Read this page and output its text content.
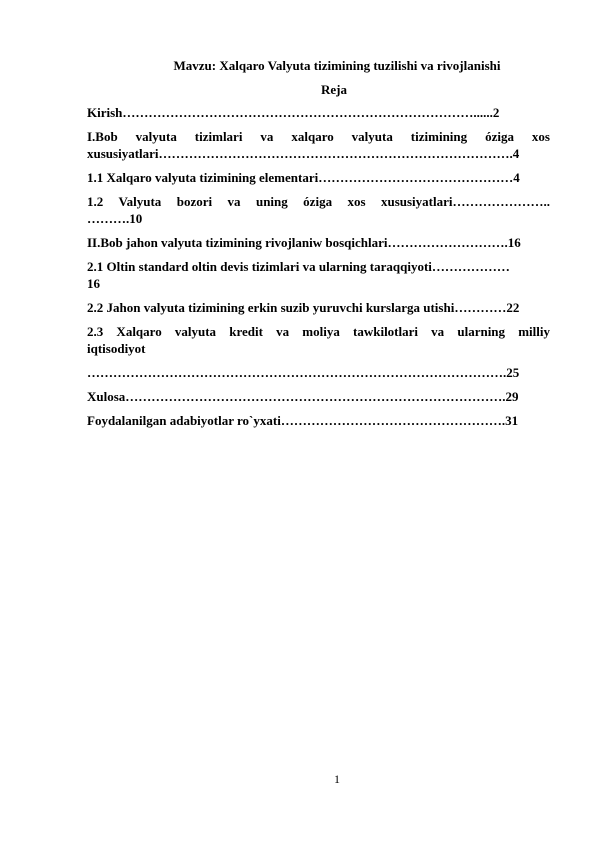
Mavzu: Xalqaro Valyuta tizimining tuzilishi va rivojlanishi
Reja
Kirish………………………………………………………………………......2
I.Bob valyuta tizimlari va xalqaro valyuta tizimining óziga xos
xususiyatlari……………………………………………………………………….4
1.1 Xalqaro valyuta tizimining elementari………………………………………4
1.2 Valyuta bozori va uning óziga xos xususiyatlari…………………..
……….10
II.Bob jahon valyuta tizimining rivojlaniw bosqichlari……………………….16
2.1 Oltin standard oltin devis tizimlari va ularning taraqqiyoti………………
16
2.2 Jahon valyuta tizimining erkin suzib yuruvchi kurslarga utishi…………22
2.3 Xalqaro valyuta kredit va moliya tawkilotlari va ularning milliy
iqtisodiyot
…………………………………………………………………………………….25
Xulosa…………………………………………………………………………….29
Foydalanilgan adabiyotlar ro`yxati…………………………………………….31
1
